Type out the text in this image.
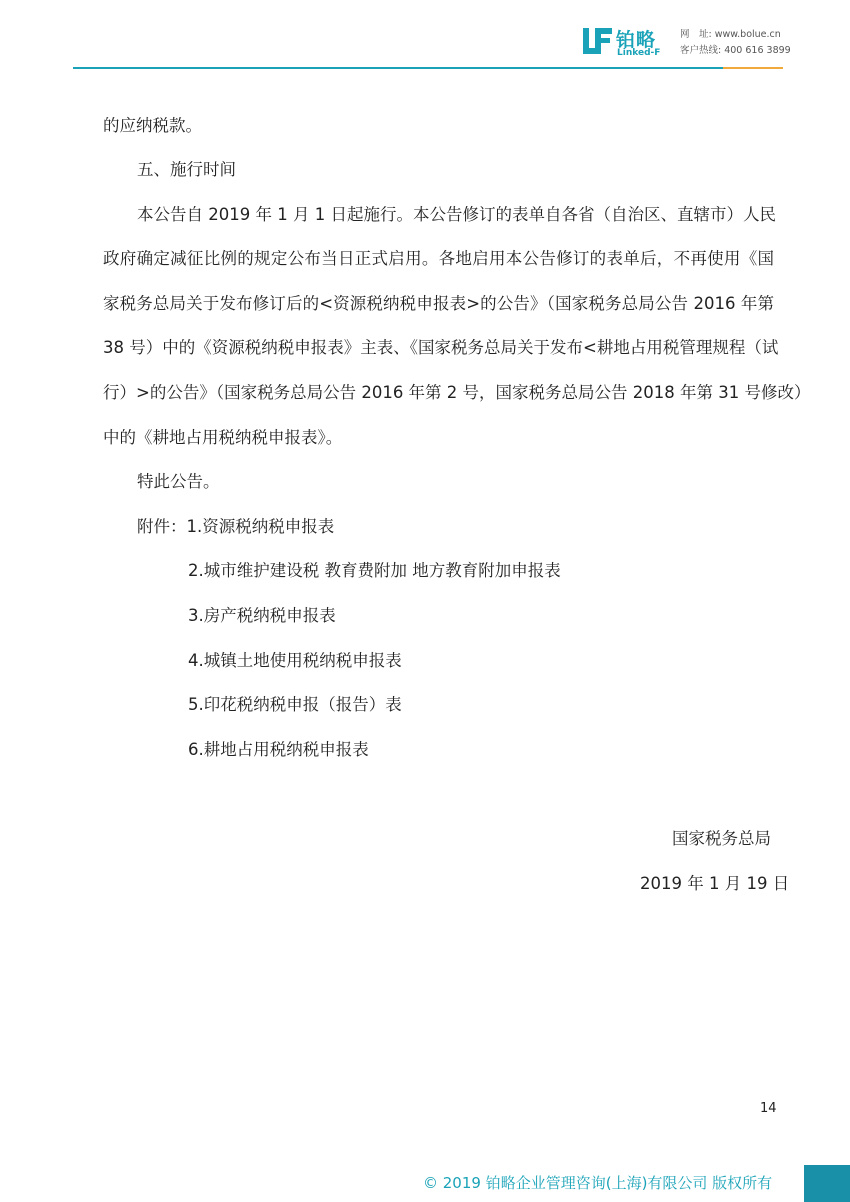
铂略
Linked-F
网　址: www.bolue.cn
客户热线: 400 616 3899
的应纳税款。
五、施行时间
本公告自 2019 年 1 月 1 日起施行。本公告修订的表单自各省（自治区、直辖市）人民
政府确定减征比例的规定公布当日正式启用。各地启用本公告修订的表单后，不再使用《国
家税务总局关于发布修订后的<资源税纳税申报表>的公告》（国家税务总局公告 2016 年第
38 号）中的《资源税纳税申报表》主表、《国家税务总局关于发布<耕地占用税管理规程（试
行）>的公告》（国家税务总局公告 2016 年第 2 号，国家税务总局公告 2018 年第 31 号修改）
中的《耕地占用税纳税申报表》。
特此公告。
附件：1.资源税纳税申报表
2.城市维护建设税 教育费附加 地方教育附加申报表
3.房产税纳税申报表
4.城镇土地使用税纳税申报表
5.印花税纳税申报（报告）表
6.耕地占用税纳税申报表
国家税务总局
2019 年 1 月 19 日
14
© 2019 铂略企业管理咨询(上海)有限公司 版权所有
